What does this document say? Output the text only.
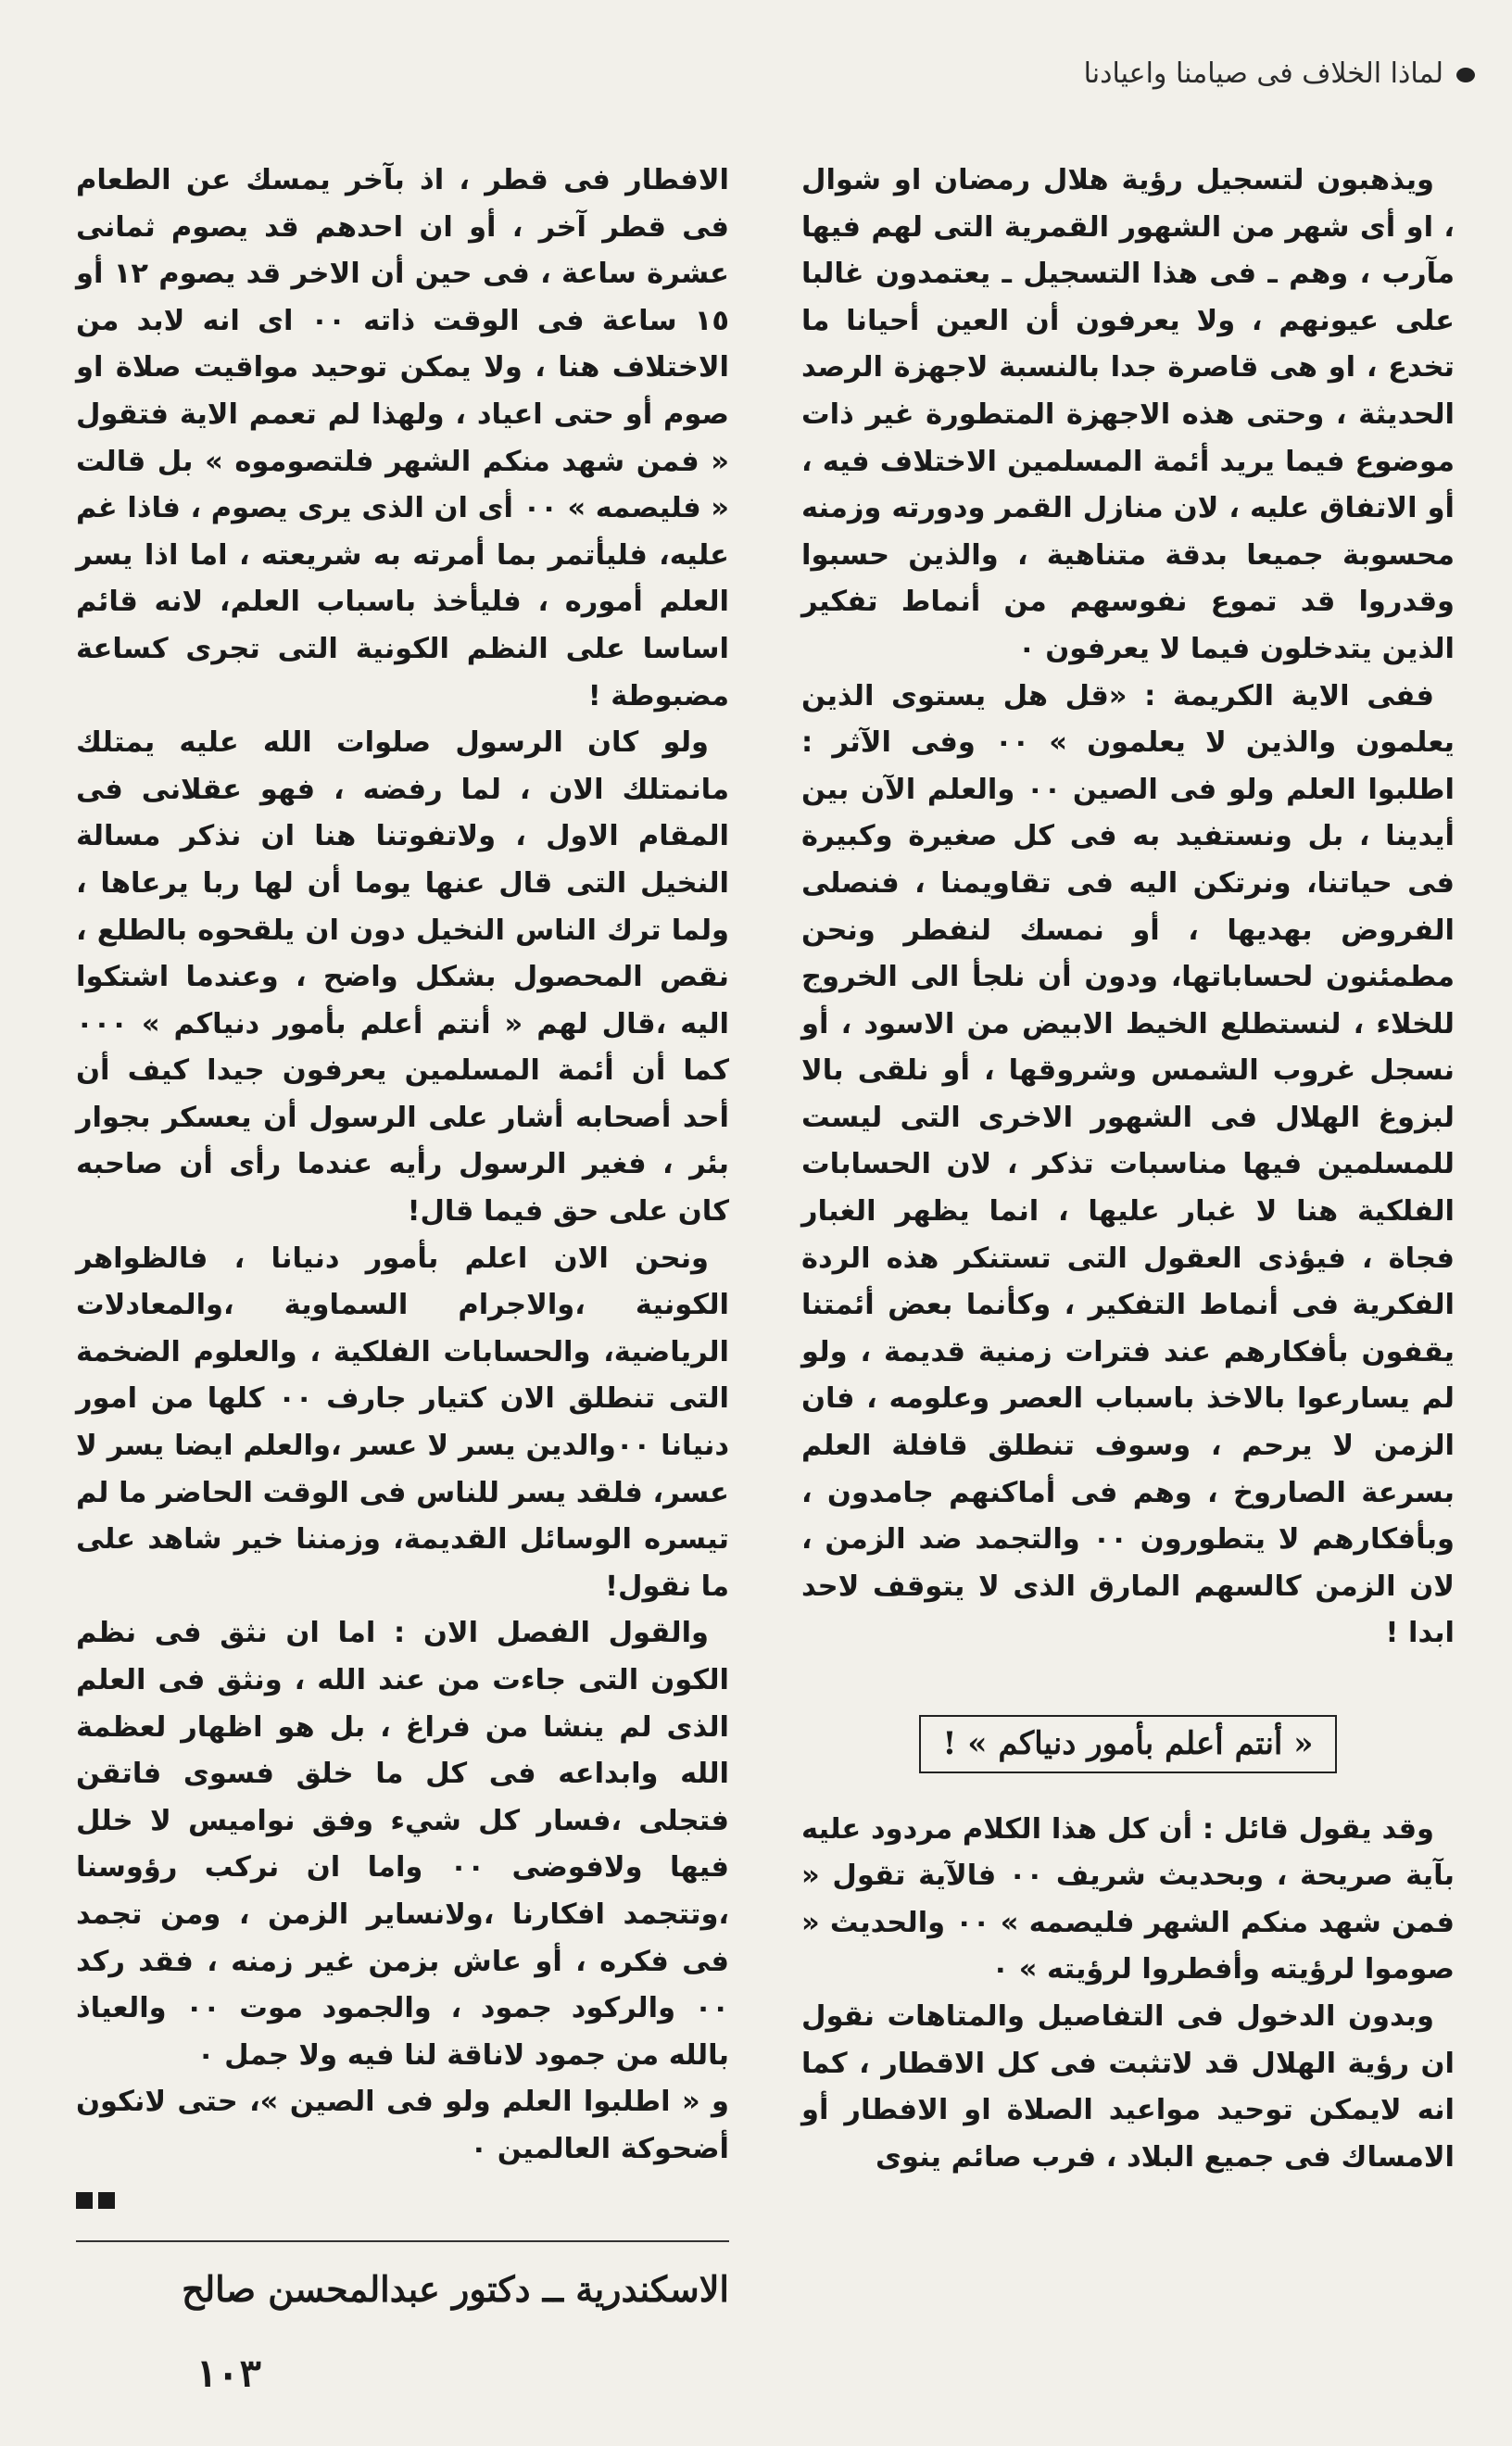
لماذا الخلاف فى صيامنا واعيادنا

ويذهبون لتسجيل رؤية هلال رمضان او شوال ، او أى شهر من الشهور القمرية التى لهم فيها مآرب ، وهم ـ فى هذا التسجيل ـ يعتمدون غالبا على عيونهم ، ولا يعرفون أن العين أحيانا ما تخدع ، او هى قاصرة جدا بالنسبة لاجهزة الرصد الحديثة ، وحتى هذه الاجهزة المتطورة غير ذات موضوع فيما يريد أئمة المسلمين الاختلاف فيه ، أو الاتفاق عليه ، لان منازل القمر ودورته وزمنه محسوبة جميعا بدقة متناهية ، والذين حسبوا وقدروا قد تموع نفوسهم من أنماط تفكير الذين يتدخلون فيما لا يعرفون ٠

ففى الاية الكريمة : «قل هل يستوى الذين يعلمون والذين لا يعلمون » ٠٠ وفى الآثر : اطلبوا العلم ولو فى الصين ٠٠ والعلم الآن بين أيدينا ، بل ونستفيد به فى كل صغيرة وكبيرة فى حياتنا، ونرتكن اليه فى تقاويمنا ، فنصلى الفروض بهديها ، أو نمسك لنفطر ونحن مطمئنون لحساباتها، ودون أن نلجأ الى الخروج للخلاء ، لنستطلع الخيط الابيض من الاسود ، أو نسجل غروب الشمس وشروقها ، أو نلقى بالا لبزوغ الهلال فى الشهور الاخرى التى ليست للمسلمين فيها مناسبات تذكر ، لان الحسابات الفلكية هنا لا غبار عليها ، انما يظهر الغبار فجاة ، فيؤذى العقول التى تستنكر هذه الردة الفكرية فى أنماط التفكير ، وكأنما بعض أئمتنا يقفون بأفكارهم عند فترات زمنية قديمة ، ولو لم يسارعوا بالاخذ باسباب العصر وعلومه ، فان الزمن لا يرحم ، وسوف تنطلق قافلة العلم بسرعة الصاروخ ، وهم فى أماكنهم جامدون ، وبأفكارهم لا يتطورون ٠٠ والتجمد ضد الزمن ، لان الزمن كالسهم المارق الذى لا يتوقف لاحد ابدا !

« أنتم أعلم بأمور دنياكم » !

وقد يقول قائل : أن كل هذا الكلام مردود عليه بآية صريحة ، وبحديث شريف ٠٠ فالآية تقول « فمن شهد منكم الشهر فليصمه » ٠٠ والحديث « صوموا لرؤيته وأفطروا لرؤيته » ٠

وبدون الدخول فى التفاصيل والمتاهات نقول ان رؤية الهلال قد لاتثبت فى كل الاقطار ، كما انه لايمكن توحيد مواعيد الصلاة او الافطار أو الامساك فى جميع البلاد ، فرب صائم ينوى

الافطار فى قطر ، اذ بآخر يمسك عن الطعام فى قطر آخر ، أو ان احدهم قد يصوم ثمانى عشرة ساعة ، فى حين أن الاخر قد يصوم ١٢ أو ١٥ ساعة فى الوقت ذاته ٠٠ اى انه لابد من الاختلاف هنا ، ولا يمكن توحيد مواقيت صلاة او صوم أو حتى اعياد ، ولهذا لم تعمم الاية فتقول « فمن شهد منكم الشهر فلتصوموه » بل قالت « فليصمه » ٠٠ أى ان الذى يرى يصوم ، فاذا غم عليه، فليأتمر بما أمرته به شريعته ، اما اذا يسر العلم أموره ، فليأخذ باسباب العلم، لانه قائم اساسا على النظم الكونية التى تجرى كساعة مضبوطة !

ولو كان الرسول صلوات الله عليه يمتلك مانمتلك الان ، لما رفضه ، فهو عقلانى فى المقام الاول ، ولاتفوتنا هنا ان نذكر مسالة النخيل التى قال عنها يوما أن لها ربا يرعاها ، ولما ترك الناس النخيل دون ان يلقحوه بالطلع ، نقص المحصول بشكل واضح ، وعندما اشتكوا اليه ،قال لهم « أنتم أعلم بأمور دنياكم » ٠٠٠ كما أن أئمة المسلمين يعرفون جيدا كيف أن أحد أصحابه أشار على الرسول أن يعسكر بجوار بئر ، فغير الرسول رأيه عندما رأى أن صاحبه كان على حق فيما قال!

ونحن الان اعلم بأمور دنيانا ، فالظواهر الكونية ،والاجرام السماوية ،والمعادلات الرياضية، والحسابات الفلكية ، والعلوم الضخمة التى تنطلق الان كتيار جارف ٠٠ كلها من امور دنيانا ٠٠والدين يسر لا عسر ،والعلم ايضا يسر لا عسر، فلقد يسر للناس فى الوقت الحاضر ما لم تيسره الوسائل القديمة، وزمننا خير شاهد على ما نقول!

والقول الفصل الان : اما ان نثق فى نظم الكون التى جاءت من عند الله ، ونثق فى العلم الذى لم ينشا من فراغ ، بل هو اظهار لعظمة الله وابداعه فى كل ما خلق فسوى فاتقن فتجلى ،فسار كل شيء وفق نواميس لا خلل فيها ولافوضى ٠٠ واما ان نركب رؤوسنا ،وتتجمد افكارنا ،ولانساير الزمن ، ومن تجمد فى فكره ، أو عاش بزمن غير زمنه ، فقد ركد ٠٠ والركود جمود ، والجمود موت ٠٠ والعياذ بالله من جمود لاناقة لنا فيه ولا جمل ٠

و « اطلبوا العلم ولو فى الصين »، حتى لانكون أضحوكة العالمين ٠

الاسكندرية ــ دكتور عبدالمحسن صالح
١٠٣
